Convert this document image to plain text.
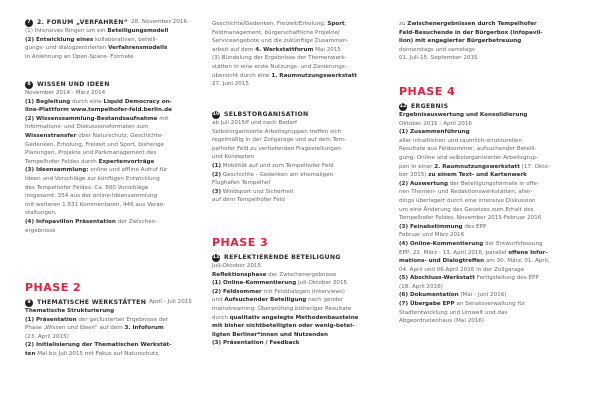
7	2. FORUM „VERFAHREN“ 28. November 2016

(1) Intensives Ringen um ein Beteiligungsmodell

(2) Entwicklung eines kollaborativen, beteili-

gungs- und dialogzentrierten Verfahrensmodells

in Anlehnung an Open-Space- Formate

8	WISSEN UND IDEEN

November 2014 - März 2014

(1) Begleitung durch eine Liquid Democracy on-

line-Plattform www.tempelhofer-feld.berlin.de

(2) Wissenssammlung-Bestandsaufnahme mit

Informations- und Diskussionsformaten zum

Wissenstransfer über Naturschutz, Geschichte-

Gedenken, Erholung, Freizeit und Sport, bisherige

Planungen, Projekte und Parkmanagement des

Tempelhofer Feldes durch Expertenvorträge

(3) Ideensammlung: online und offline Aufruf für

Ideen und Vorschläge zur künftigen Entwicklung

des Tempelhofer Feldes. Ca. 800 Vorschläge

insgesamt: 354 aus der online-Ideensammlung

mit weiteren 1.531 Kommentaren, 446 aus Veran-

staltungen,

(4) Infopavillon Präsentation der Zwischen-

ergebnisse

PHASE 2

9	THEMATISCHE WERKSTÄTTEN April - Juli 2015

Thematische Strukturierung

(1) Präsentation der geclusterten Ergebnisse der

Phase „Wissen und Ideen“ auf dem 3. Infoforum

(23. April 2015)

(2) Initialisierung der Thematischen Werkstät-

ten Mai bis Juli 2015 mit Fokus auf Naturschutz,

Geschichte/Gedenken, Freizeit/Erholung, Sport,

Feldmanagement, bürgerschaftliche Projekte/

Serviceangebote und die zukünftige Zusammen-

arbeit auf dem 4. Werkstattforum Mai 2015

(3) Bündelung der Ergebnisse der Themenwerk-

stätten in eine erste Nutzungs- und Zonierungs-

übersicht durch eine 1. Raumnutzungswerkstatt

27. Juni 2015

10 SELBSTORGANISATION

ab Juli 2015ff und nach Bedarf

Selbstorganisierte Arbeitsgruppen treffen sich

regelmäßig in der Zollgarage und auf dem Tem-

pelhofer Feld zu vertiefenden Fragestellungen

und Konzepten

(1) Mobilität auf und zum Tempelhofer Feld

(2) Geschichte - Gedenken am ehemaligen

Flughafen Tempelhof

(3) Windsport und Sicherheit

auf dem Tempelhofer Feld

PHASE 3

11 REFLEKTIERENDE BETEILIGUNG

Juli-Oktober 2015

Reflektionsphase der Zwischenergebnisse

(1) Online-Kommentierung Juli-Oktober 2015

(2) Feldsommer mit Felddialogen (Interviews)

und Aufsuchender Beteiligung nach gender

mainstreaming: Überprüfung bisheriger Resultate

durch qualitativ angelegte Methodenbausteine

mit bisher nichtbeteiligten oder wenig-betei-

ligten Berliner*innen und Nutzenden

(3) Präsentation / Feedback

zu Zwischenergebnissen durch Tempelhofer

Feld-Besuchende in der Bürgerbox (Infopavil-

lion) mit engagierter Bürgerbetreuung

donnerstags und samstags

01. Juli-15. September 2015

PHASE 4

12 ERGEBNIS

Ergebnisauswertung und Konsolidierung

Oktober 2015 - April 2016

(1) Zusammenführung

aller inhaltlichen und räumlich-strukturellen

Resultate aus Feldsommer, aufsuchender Beteili-

gung, Online und selbstorganisierter Arbeitsgrup-

pen in einer 2. Raumnutzungswerkstatt (17. Okto-

ber 2015) zu einem Text- und Kartenwerk

(2) Auswertung der Beteiligungsformate in offe-

nen Themen- und Redaktionswerkstätten, aller-

dings überlagert durch eine intensive Diskussion

um eine Änderung des Gesetzes zum Erhalt des

Tempelhofer Feldes, November 2015-Februar 2016

(3) Feinabstimmung des EPP

Februar und März 2016

(4) Online-Kommentierung der Entwurfsfassung

EPP, 22. März - 13. April 2016, parallel offene Infor-

mations- und Dialogtreffen am 30. März, 01. April,

04. April und 06.April 2016 in der Zollgarage

(5) Abschluss-Werkstatt Fertigstellung des EPP

(18. April 2016)

(6) Dokumentation (Mai - Juni 2016)

(7) Übergabe EPP an Senatsverwaltung für

Stadtentwicklung und Umwelt und das

Abgeordnetenhaus (Mai 2016)
